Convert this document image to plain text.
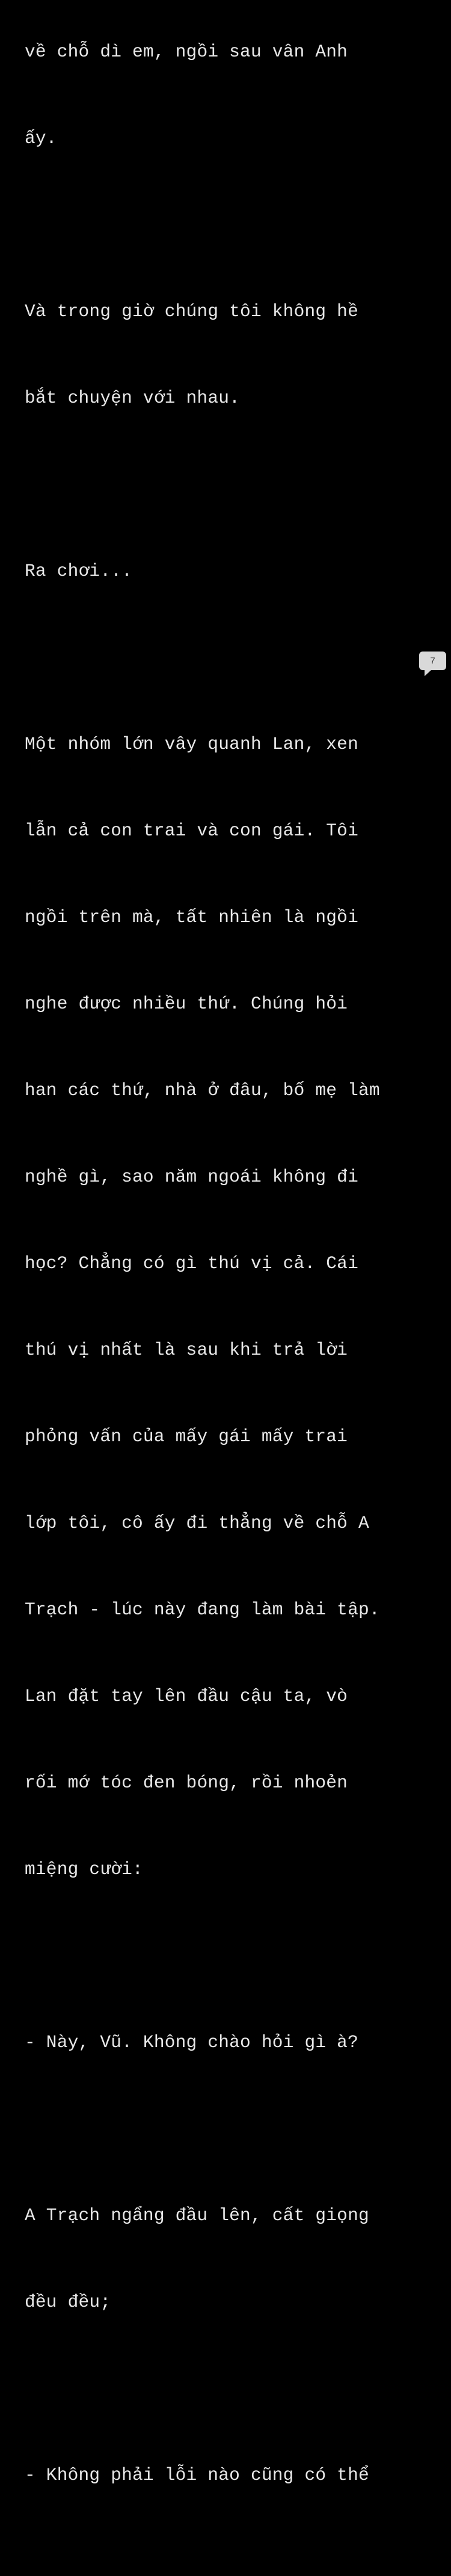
về chỗ dì em, ngồi sau vân Anh

ấy.

Và trong giờ chúng tôi không hề

bắt chuyện với nhau.

Ra chơi...

Một nhóm lớn vây quanh Lan, xen

lẫn cả con trai và con gái. Tôi

ngồi trên mà, tất nhiên là ngồi

nghe được nhiều thứ. Chúng hỏi

han các thứ, nhà ở đâu, bố mẹ làm

nghề gì, sao năm ngoái không đi

học? Chẳng có gì thú vị cả. Cái

thú vị nhất là sau khi trả lời

phỏng vấn của mấy gái mấy trai

lớp tôi, cô ấy đi thẳng về chỗ A

Trạch - lúc này đang làm bài tập.

Lan đặt tay lên đầu cậu ta, vò

rối mớ tóc đen bóng, rồi nhoẻn

miệng cười:

- Này, Vũ. Không chào hỏi gì à?

A Trạch ngẩng đầu lên, cất giọng

đều đều;

- Không phải lỗi nào cũng có thể

7
